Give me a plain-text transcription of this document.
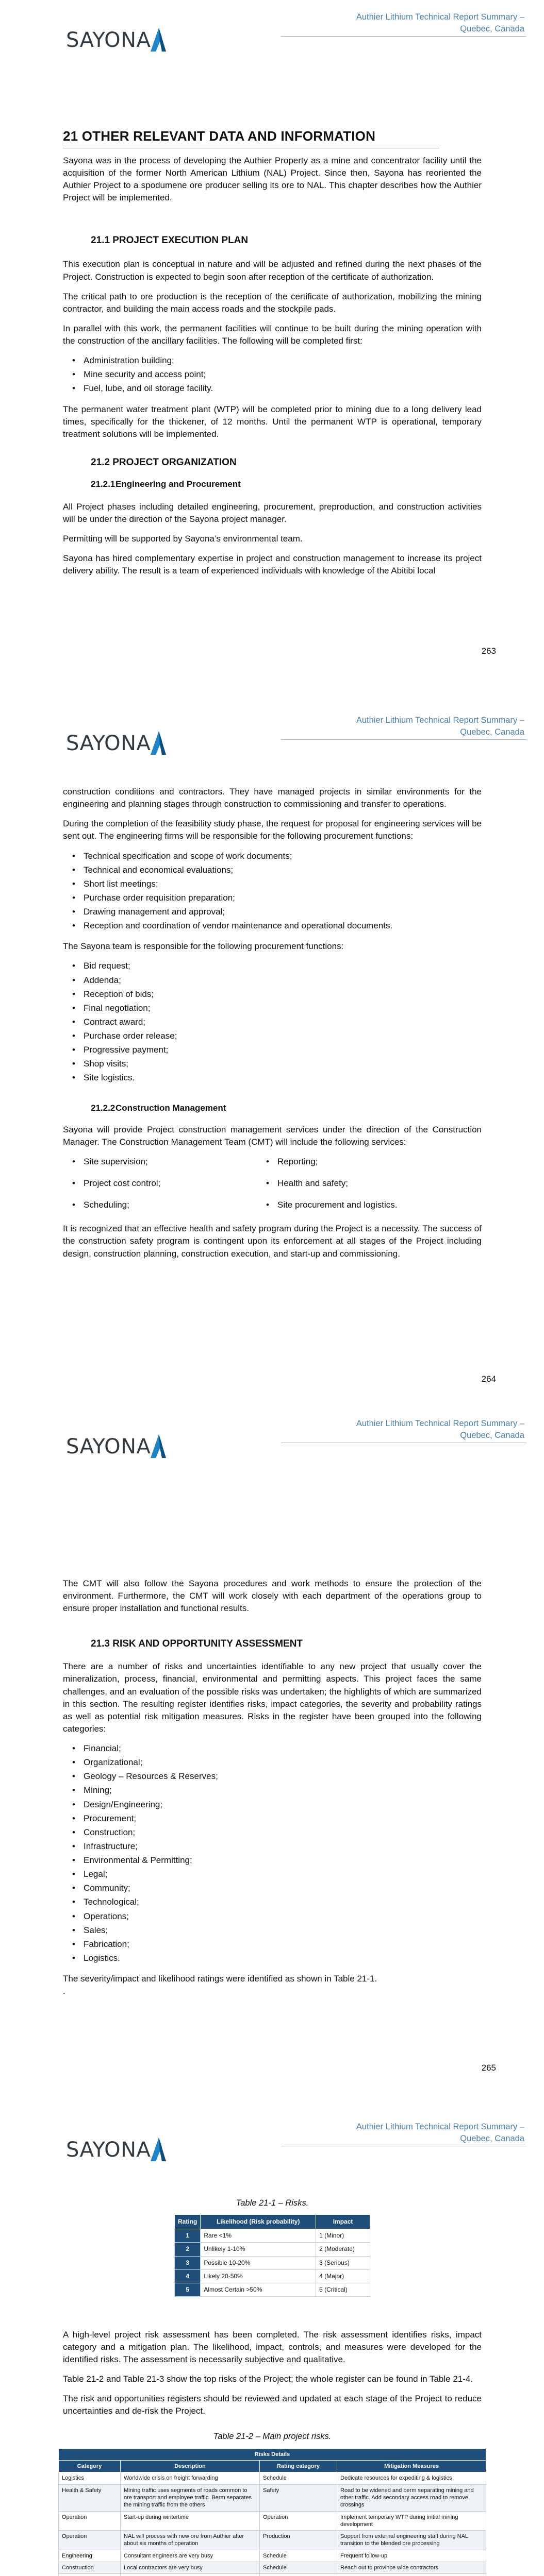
SAYONA
Authier Lithium Technical Report Summary –
Quebec, Canada
21 OTHER RELEVANT DATA AND INFORMATION

Sayona was in the process of developing the Authier Property as a mine and concentrator facility until the acquisition of the former North American Lithium (NAL) Project. Since then, Sayona has reoriented the Authier Project to a spodumene ore producer selling its ore to NAL. This chapter describes how the Authier Project will be implemented.

21.1 PROJECT EXECUTION PLAN

This execution plan is conceptual in nature and will be adjusted and refined during the next phases of the Project. Construction is expected to begin soon after reception of the certificate of authorization.

The critical path to ore production is the reception of the certificate of authorization, mobilizing the mining contractor, and building the main access roads and the stockpile pads.

In parallel with this work, the permanent facilities will continue to be built during the mining operation with the construction of the ancillary facilities. The following will be completed first:

• Administration building;
• Mine security and access point;
• Fuel, lube, and oil storage facility.

The permanent water treatment plant (WTP) will be completed prior to mining due to a long delivery lead times, specifically for the thickener, of 12 months. Until the permanent WTP is operational, temporary treatment solutions will be implemented.

21.2 PROJECT ORGANIZATION
21.2.1Engineering and Procurement

All Project phases including detailed engineering, procurement, preproduction, and construction activities will be under the direction of the Sayona project manager.

Permitting will be supported by Sayona’s environmental team.

Sayona has hired complementary expertise in project and construction management to increase its project delivery ability. The result is a team of experienced individuals with knowledge of the Abitibi local

263
SAYONA
Authier Lithium Technical Report Summary –
Quebec, Canada

construction conditions and contractors. They have managed projects in similar environments for the engineering and planning stages through construction to commissioning and transfer to operations.

During the completion of the feasibility study phase, the request for proposal for engineering services will be sent out. The engineering firms will be responsible for the following procurement functions:

• Technical specification and scope of work documents;
• Technical and economical evaluations;
• Short list meetings;
• Purchase order requisition preparation;
• Drawing management and approval;
• Reception and coordination of vendor maintenance and operational documents.

The Sayona team is responsible for the following procurement functions:

• Bid request;
• Addenda;
• Reception of bids;
• Final negotiation;
• Contract award;
• Purchase order release;
• Progressive payment;
• Shop visits;
• Site logistics.
21.2.2Construction Management

Sayona will provide Project construction management services under the direction of the Construction Manager. The Construction Management Team (CMT) will include the following services:

• Site supervision;	• Reporting;
• Project cost control;	• Health and safety;
• Scheduling;	• Site procurement and logistics.

It is recognized that an effective health and safety program during the Project is a necessity. The success of the construction safety program is contingent upon its enforcement at all stages of the Project including design, construction planning, construction execution, and start-up and commissioning.

264
SAYONA
Authier Lithium Technical Report Summary –
Quebec, Canada

The CMT will also follow the Sayona procedures and work methods to ensure the protection of the environment. Furthermore, the CMT will work closely with each department of the operations group to ensure proper installation and functional results.

21.3 RISK AND OPPORTUNITY ASSESSMENT

There are a number of risks and uncertainties identifiable to any new project that usually cover the mineralization, process, financial, environmental and permitting aspects. This project faces the same challenges, and an evaluation of the possible risks was undertaken; the highlights of which are summarized in this section. The resulting register identifies risks, impact categories, the severity and probability ratings as well as potential risk mitigation measures. Risks in the register have been grouped into the following categories:

• Financial;
• Organizational;
• Geology – Resources & Reserves;
• Mining;
• Design/Engineering;
• Procurement;
• Construction;
• Infrastructure;
• Environmental & Permitting;
• Legal;
• Community;
• Technological;
• Operations;
• Sales;
• Fabrication;
• Logistics.

The severity/impact and likelihood ratings were identified as shown in Table 21-1.

.

265
SAYONA
Authier Lithium Technical Report Summary –
Quebec, Canada
Table 21-1 – Risks.
Rating	Likelihood (Risk probability)	Impact
1	Rare <1%	1 (Minor)
2	Unlikely 1-10%	2 (Moderate)
3	Possible 10-20%	3 (Serious)
4	Likely 20-50%	4 (Major)
5	Almost Certain >50%	5 (Critical)

A high-level project risk assessment has been completed. The risk assessment identifies risks, impact category and a mitigation plan. The likelihood, impact, controls, and measures were developed for the identified risks. The assessment is necessarily subjective and qualitative.

Table 21-2 and Table 21-3 show the top risks of the Project; the whole register can be found in Table 21-4.

The risk and opportunities registers should be reviewed and updated at each stage of the Project to reduce uncertainties and de-risk the Project.

Table 21-2 – Main project risks.
Risks Details			
Category	Description	Rating category	Mitigation Measures
Logistics	Worldwide crisis on freight forwarding	Schedule	Dedicate resources for expediting & logistics
Health & Safety	Mining traffic uses segments of roads common to ore transport and employee traffic. Berm separates the mining traffic from the others	Safety	Road to be widened and berm separating mining and other traffic. Add secondary access road to remove crossings
Operation	Start-up during wintertime	Operation	Implement temporary WTP during initial mining development
Operation	NAL will process with new ore from Authier after about six months of operation	Production	Support from external engineering staff during NAL transition to the blended ore processing
Engineering	Consultant engineers are very busy	Schedule	Frequent follow-up
Construction	Local contractors are very busy	Schedule	Reach out to province wide contractors
